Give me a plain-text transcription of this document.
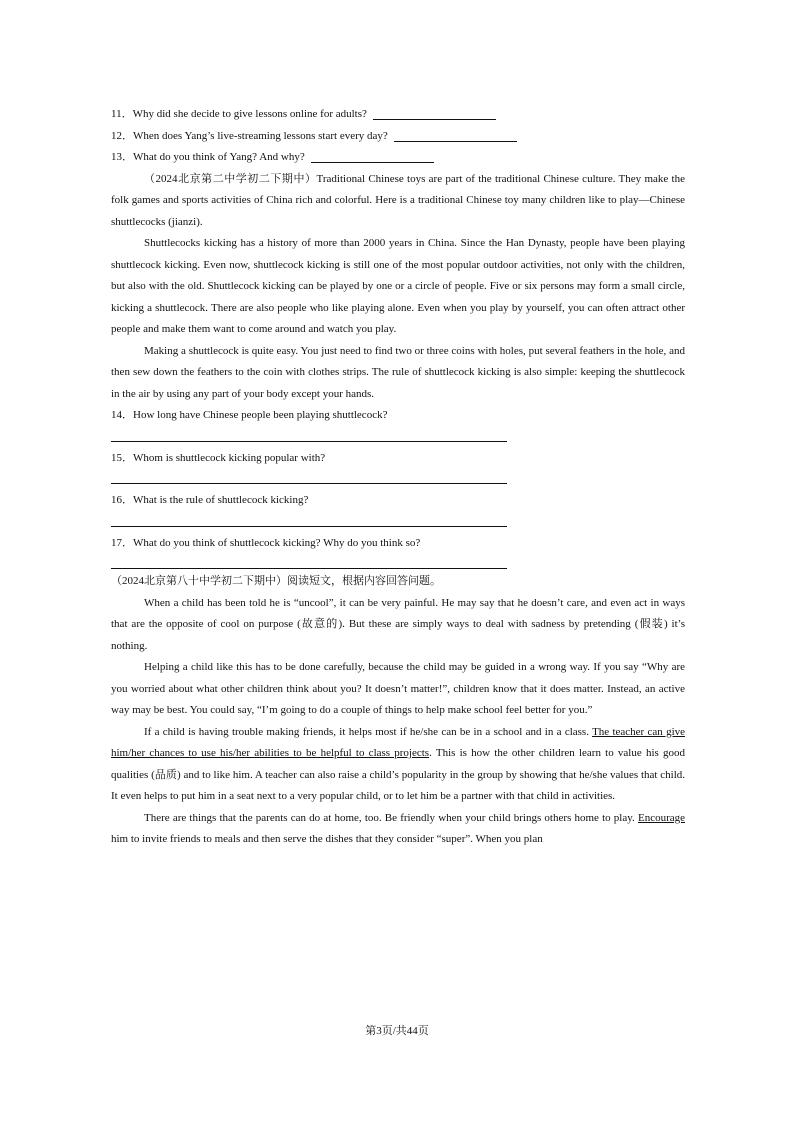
11．Why did she decide to give lessons online for adults?

12．When does Yang’s live-streaming lessons start every day?

13．What do you think of Yang? And why?

（2024北京第二中学初二下期中）Traditional Chinese toys are part of the traditional Chinese culture. They make the folk games and sports activities of China rich and colorful. Here is a traditional Chinese toy many children like to play—Chinese shuttlecocks (jianzi).

Shuttlecocks kicking has a history of more than 2000 years in China. Since the Han Dynasty, people have been playing shuttlecock kicking. Even now, shuttlecock kicking is still one of the most popular outdoor activities, not only with the children, but also with the old. Shuttlecock kicking can be played by one or a circle of people. Five or six persons may form a small circle, kicking a shuttlecock. There are also people who like playing alone. Even when you play by yourself, you can often attract other people and make them want to come around and watch you play.

Making a shuttlecock is quite easy. You just need to find two or three coins with holes, put several feathers in the hole, and then sew down the feathers to the coin with clothes strips. The rule of shuttlecock kicking is also simple: keeping the shuttlecock in the air by using any part of your body except your hands.

14．How long have Chinese people been playing shuttlecock?

15．Whom is shuttlecock kicking popular with?

16．What is the rule of shuttlecock kicking?

17．What do you think of shuttlecock kicking? Why do you think so?

（2024北京第八十中学初二下期中）阅读短文，根据内容回答问题。

When a child has been told he is “uncool”, it can be very painful. He may say that he doesn’t care, and even act in ways that are the opposite of cool on purpose (故意的). But these are simply ways to deal with sadness by pretending (假装) it’s nothing.

Helping a child like this has to be done carefully, because the child may be guided in a wrong way. If you say “Why are you worried about what other children think about you? It doesn’t matter!”, children know that it does matter. Instead, an active way may be best. You could say, “I’m going to do a couple of things to help make school feel better for you.”

If a child is having trouble making friends, it helps most if he/she can be in a school and in a class. The teacher can give him/her chances to use his/her abilities to be helpful to class projects. This is how the other children learn to value his good qualities (品质) and to like him. A teacher can also raise a child’s popularity in the group by showing that he/she values that child. It even helps to put him in a seat next to a very popular child, or to let him be a partner with that child in activities.

There are things that the parents can do at home, too. Be friendly when your child brings others home to play. Encourage him to invite friends to meals and then serve the dishes that they consider “super”. When you plan

第3页/共44页
